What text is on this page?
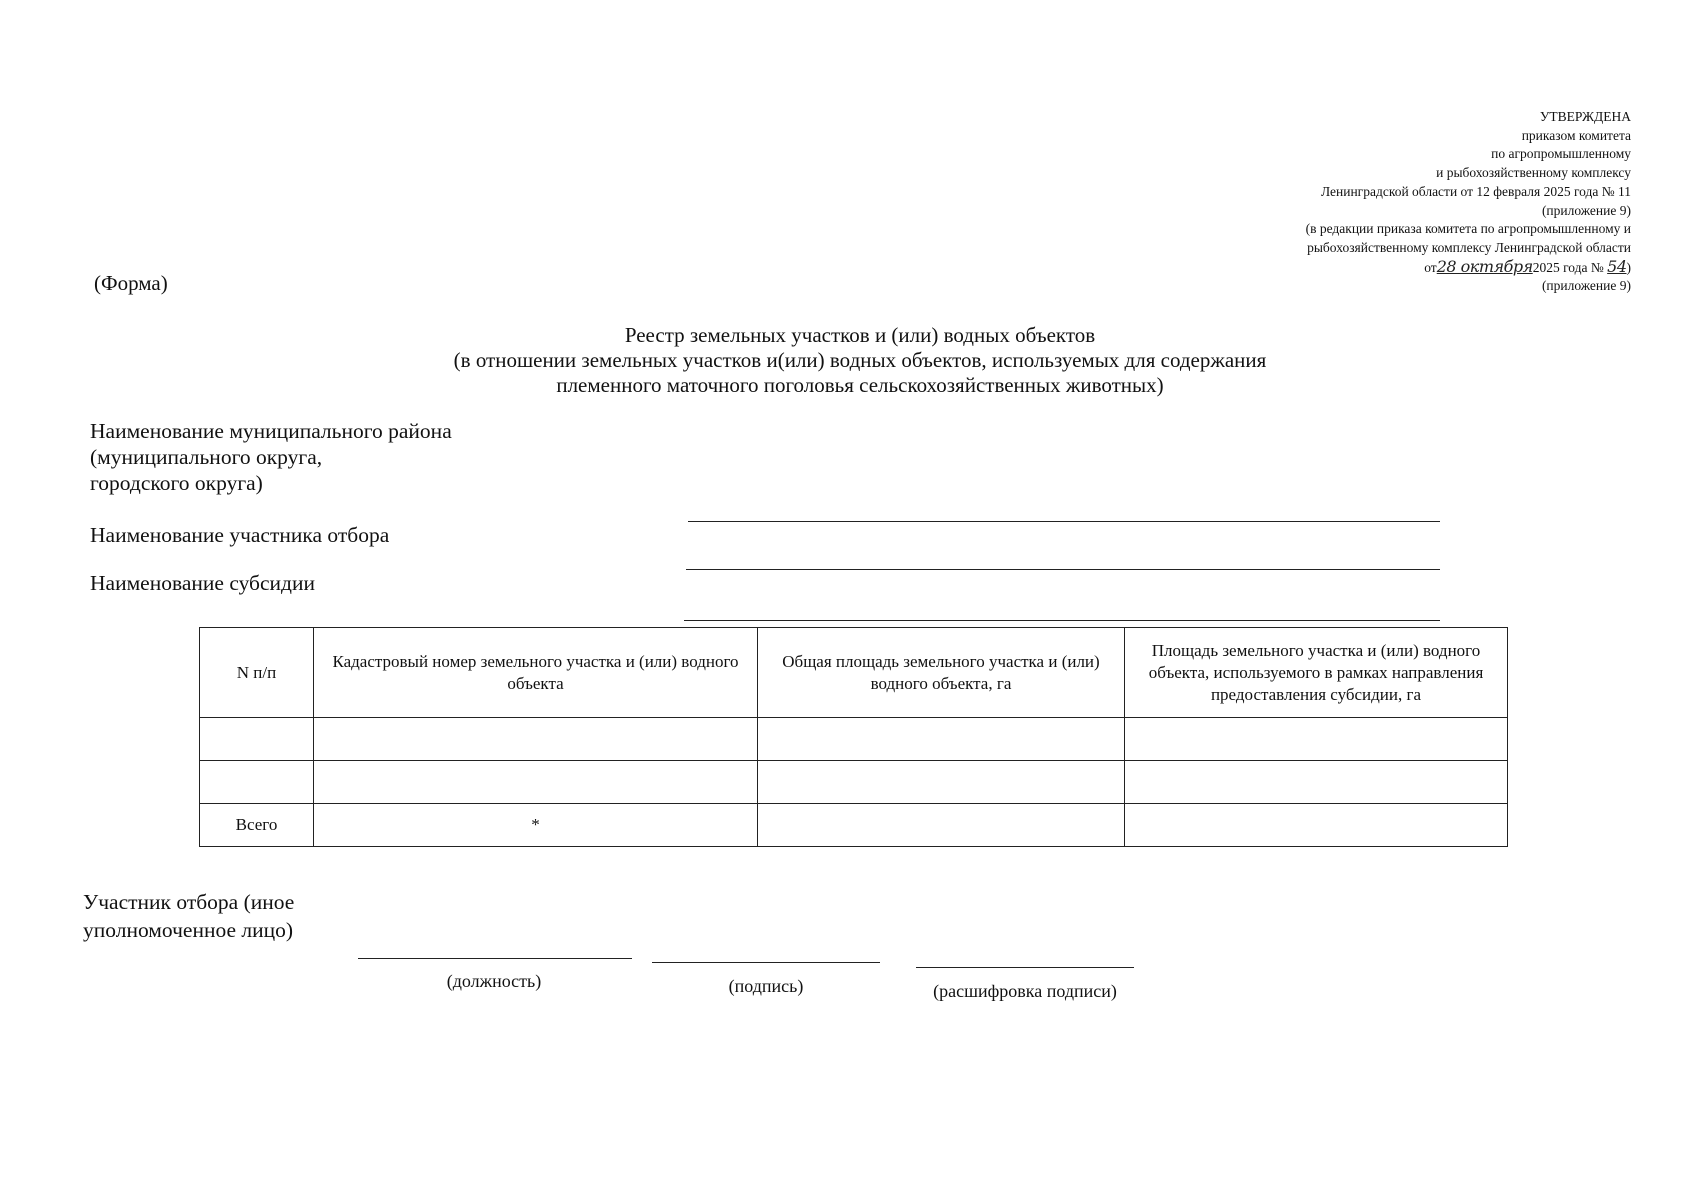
УТВЕРЖДЕНА
приказом комитета
по агропромышленному
и рыбохозяйственному комплексу
Ленинградской области от 12 февраля 2025 года № 11
(приложение 9)
(в редакции приказа комитета по агропромышленному и
рыбохозяйственному комплексу Ленинградской области
от28 октября2025 года № 54)
(приложение 9)
(Форма)
Реестр земельных участков и (или) водных объектов
(в отношении земельных участков и(или) водных объектов, используемых для содержания
племенного маточного поголовья сельскохозяйственных животных)
Наименование муниципального района
(муниципального округа,
городского округа)
Наименование участника отбора
Наименование субсидии
N п/п	Кадастровый номер земельного участка и (или) водного объекта	Общая площадь земельного участка и (или) водного объекта, га	Площадь земельного участка и (или) водного объекта, используемого в рамках направления предоставления субсидии, га

Всего	*		
Участник отбора (иное
уполномоченное лицо)
(должность)	(подпись)	(расшифровка подписи)
